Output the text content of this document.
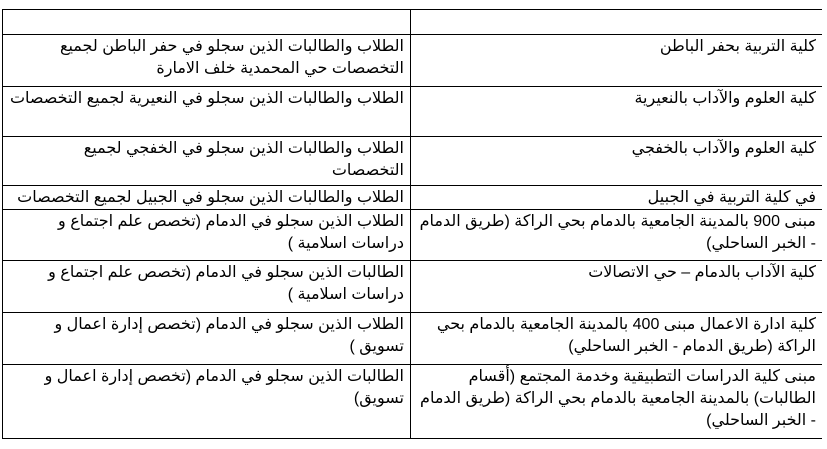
كلية التربية بحفر الباطن	الطلاب والطالبات الذين سجلو في حفر الباطن لجميع التخصصات حي المحمدية خلف الامارة
كلية العلوم والآداب بالنعيرية	الطلاب والطالبات الذين سجلو في النعيرية لجميع التخصصات
كلية العلوم والآداب بالخفجي	الطلاب والطالبات الذين سجلو في الخفجي لجميع التخصصات
في كلية التربية في الجبيل	الطلاب والطالبات الذين سجلو في الجبيل لجميع التخصصات
مبنى 900 بالمدينة الجامعية بالدمام بحي الراكة (طريق الدمام - الخبر الساحلي)	الطلاب الذين سجلو في الدمام (تخصص علم اجتماع و دراسات اسلامية )
كلية الآداب بالدمام – حي الاتصالات	الطالبات الذين سجلو في الدمام (تخصص علم اجتماع و دراسات اسلامية )
كلية ادارة الاعمال مبنى 400 بالمدينة الجامعية بالدمام بحي الراكة (طريق الدمام - الخبر الساحلي)	الطلاب الذين سجلو في الدمام (تخصص إدارة اعمال و تسويق )
مبنى كلية الدراسات التطبيقية وخدمة المجتمع (أقسام الطالبات) بالمدينة الجامعية بالدمام بحي الراكة (طريق الدمام - الخبر الساحلي)	الطالبات الذين سجلو في الدمام (تخصص إدارة اعمال و تسويق)
